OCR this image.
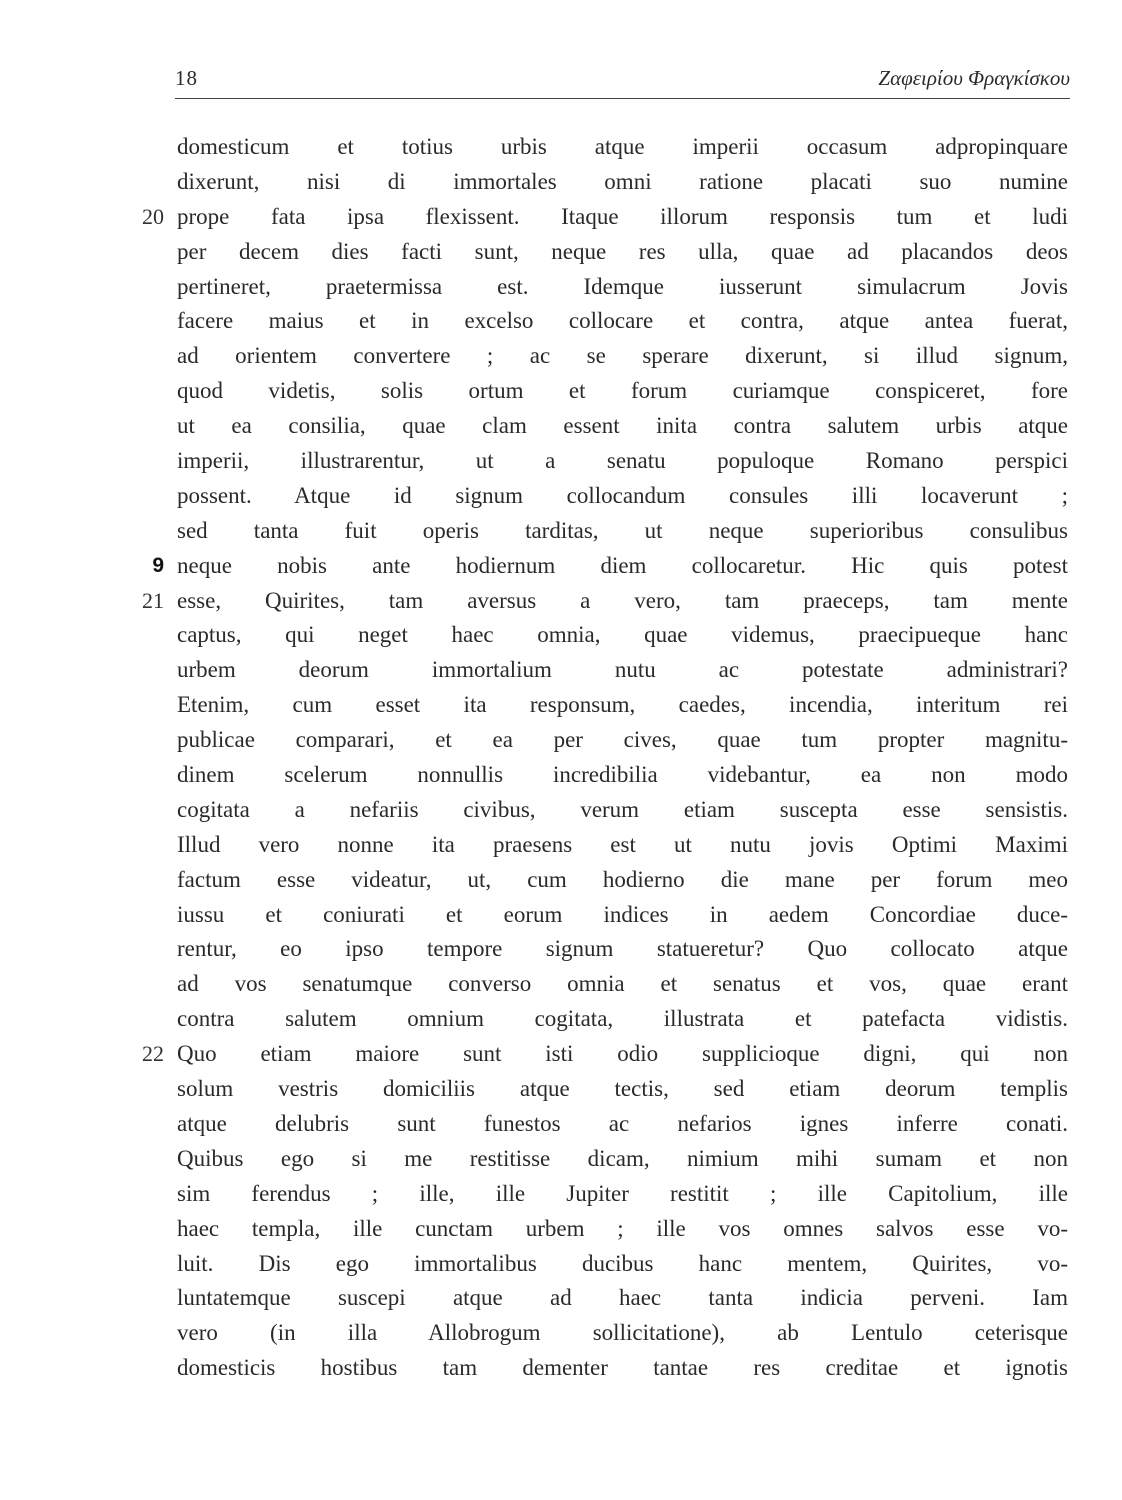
18	Ζαφειρίου Φραγκίσκου
domesticum et totius urbis atque imperii occasum adpropinquare
dixerunt, nisi di immortales omni ratione placati suo numine
20 prope fata ipsa flexissent. Itaque illorum responsis tum et ludi
per decem dies facti sunt, neque res ulla, quae ad placandos deos
pertineret, praetermissa est. Idemque iusserunt simulacrum Jovis
facere maius et in excelso collocare et contra, atque antea fuerat,
ad orientem convertere ; ac se sperare dixerunt, si illud signum,
quod videtis, solis ortum et forum curiamque conspiceret, fore
ut ea consilia, quae clam essent inita contra salutem urbis atque
imperii, illustrarentur, ut a senatu populoque Romano perspici
possent. Atque id signum collocandum consules illi locaverunt ;
sed tanta fuit operis tarditas, ut neque superioribus consulibus
9 neque nobis ante hodiernum diem collocaretur. Hic quis potest
21 esse, Quirites, tam aversus a vero, tam praeceps, tam mente
captus, qui neget haec omnia, quae videmus, praecipueque hanc
urbem deorum immortalium nutu ac potestate administrari?
Etenim, cum esset ita responsum, caedes, incendia, interitum rei
publicae comparari, et ea per cives, quae tum propter magnitu-
dinem scelerum nonnullis incredibilia videbantur, ea non modo
cogitata a nefariis civibus, verum etiam suscepta esse sensistis.
Illud vero nonne ita praesens est ut nutu jovis Optimi Maximi
factum esse videatur, ut, cum hodierno die mane per forum meo
iussu et coniurati et eorum indices in aedem Concordiae duce-
rentur, eo ipso tempore signum statueretur? Quo collocato atque
ad vos senatumque converso omnia et senatus et vos, quae erant
contra salutem omnium cogitata, illustrata et patefacta vidistis.
22 Quo etiam maiore sunt isti odio supplicioque digni, qui non
solum vestris domiciliis atque tectis, sed etiam deorum templis
atque delubris sunt funestos ac nefarios ignes inferre conati.
Quibus ego si me restitisse dicam, nimium mihi sumam et non
sim ferendus ; ille, ille Jupiter restitit ; ille Capitolium, ille
haec templa, ille cunctam urbem ; ille vos omnes salvos esse vo-
luit. Dis ego immortalibus ducibus hanc mentem, Quirites, vo-
luntatemque suscepi atque ad haec tanta indicia perveni. Iam
vero (in illa Allobrogum sollicitatione), ab Lentulo ceterisque
domesticis hostibus tam dementer tantae res creditae et ignotis
